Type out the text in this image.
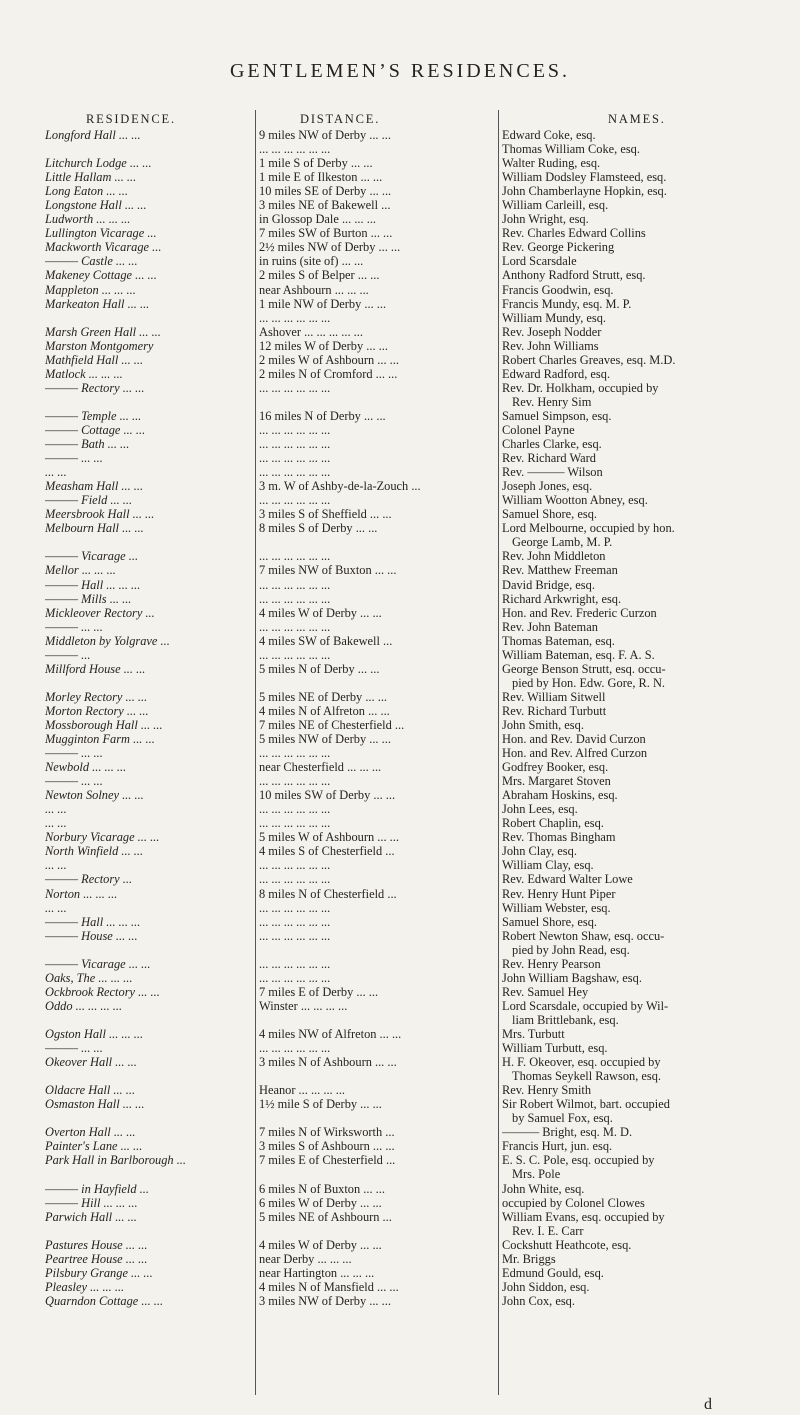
GENTLEMEN’S RESIDENCES.
RESIDENCE.	DISTANCE.	NAMES.
Longford Hall ... ...
Litchurch Lodge ... ...
Little Hallam ... ...
Long Eaton ... ...
Longstone Hall ... ...
Ludworth ... ... ...
Lullington Vicarage ...
Mackworth Vicarage ...
——— Castle ... ...
Makeney Cottage ... ...
Mappleton ... ... ...
Markeaton Hall ... ...
Marsh Green Hall ... ...
Marston Montgomery
Mathfield Hall ... ...
Matlock ... ... ...
——— Rectory ... ...
——— Temple ... ...
——— Cottage ... ...
——— Bath ... ...
——— ... ...
... ...
Measham Hall ... ...
——— Field ... ...
Meersbrook Hall ... ...
Melbourn Hall ... ...
——— Vicarage ...
Mellor ... ... ...
——— Hall ... ... ...
——— Mills ... ...
Mickleover Rectory ...
——— ... ...
Middleton by Yolgrave ...
——— ...
Millford House ... ...
Morley Rectory ... ...
Morton Rectory ... ...
Mossborough Hall ... ...
Mugginton Farm ... ...
——— ... ...
Newbold ... ... ...
——— ... ...
Newton Solney ... ...
... ...
... ...
Norbury Vicarage ... ...
North Winfield ... ...
... ...
——— Rectory ...
Norton ... ... ...
... ...
——— Hall ... ... ...
——— House ... ...
——— Vicarage ... ...
Oaks, The ... ... ...
Ockbrook Rectory ... ...
Oddo ... ... ... ...
Ogston Hall ... ... ...
——— ... ...
Okeover Hall ... ...
Oldacre Hall ... ...
Osmaston Hall ... ...
Overton Hall ... ...
Painter's Lane ... ...
Park Hall in Barlborough ...
——— in Hayfield ...
——— Hill ... ... ...
Parwich Hall ... ...
Pastures House ... ...
Peartree House ... ...
Pilsbury Grange ... ...
Pleasley ... ... ...
Quarndon Cottage ... ...
9 miles NW of Derby ... ...
... ... ... ... ... ...
1 mile S of Derby ... ...
1 mile E of Ilkeston ... ...
10 miles SE of Derby ... ...
3 miles NE of Bakewell ...
in Glossop Dale ... ... ...
7 miles SW of Burton ... ...
2½ miles NW of Derby ... ...
in ruins (site of) ... ...
2 miles S of Belper ... ...
near Ashbourn ... ... ...
1 mile NW of Derby ... ...
... ... ... ... ... ...
Ashover ... ... ... ... ...
12 miles W of Derby ... ...
2 miles W of Ashbourn ... ...
2 miles N of Cromford ... ...
... ... ... ... ... ...
16 miles N of Derby ... ...
... ... ... ... ... ...
... ... ... ... ... ...
... ... ... ... ... ...
... ... ... ... ... ...
3 m. W of Ashby-de-la-Zouch ...
... ... ... ... ... ...
3 miles S of Sheffield ... ...
8 miles S of Derby ... ...
... ... ... ... ... ...
7 miles NW of Buxton ... ...
... ... ... ... ... ...
... ... ... ... ... ...
4 miles W of Derby ... ...
... ... ... ... ... ...
4 miles SW of Bakewell ...
... ... ... ... ... ...
5 miles N of Derby ... ...
5 miles NE of Derby ... ...
4 miles N of Alfreton ... ...
7 miles NE of Chesterfield ...
5 miles NW of Derby ... ...
... ... ... ... ... ...
near Chesterfield ... ... ...
... ... ... ... ... ...
10 miles SW of Derby ... ...
... ... ... ... ... ...
... ... ... ... ... ...
5 miles W of Ashbourn ... ...
4 miles S of Chesterfield ...
... ... ... ... ... ...
... ... ... ... ... ...
8 miles N of Chesterfield ...
... ... ... ... ... ...
... ... ... ... ... ...
... ... ... ... ... ...
... ... ... ... ... ...
... ... ... ... ... ...
7 miles E of Derby ... ...
Winster ... ... ... ...
4 miles NW of Alfreton ... ...
... ... ... ... ... ...
3 miles N of Ashbourn ... ...
Heanor ... ... ... ...
1½ mile S of Derby ... ...
7 miles N of Wirksworth ...
3 miles S of Ashbourn ... ...
7 miles E of Chesterfield ...
6 miles N of Buxton ... ...
6 miles W of Derby ... ...
5 miles NE of Ashbourn ...
4 miles W of Derby ... ...
near Derby ... ... ...
near Hartington ... ... ...
4 miles N of Mansfield ... ...
3 miles NW of Derby ... ...
Edward Coke, esq.
Thomas William Coke, esq.
Walter Ruding, esq.
William Dodsley Flamsteed, esq.
John Chamberlayne Hopkin, esq.
William Carleill, esq.
John Wright, esq.
Rev. Charles Edward Collins
Rev. George Pickering
Lord Scarsdale
Anthony Radford Strutt, esq.
Francis Goodwin, esq.
Francis Mundy, esq. M. P.
William Mundy, esq.
Rev. Joseph Nodder
Rev. John Williams
Robert Charles Greaves, esq. M.D.
Edward Radford, esq.
Rev. Dr. Holkham, occupied by
Rev. Henry Sim
Samuel Simpson, esq.
Colonel Payne
Charles Clarke, esq.
Rev. Richard Ward
Rev. ——— Wilson
Joseph Jones, esq.
William Wootton Abney, esq.
Samuel Shore, esq.
Lord Melbourne, occupied by hon.
George Lamb, M. P.
Rev. John Middleton
Rev. Matthew Freeman
David Bridge, esq.
Richard Arkwright, esq.
Hon. and Rev. Frederic Curzon
Rev. John Bateman
Thomas Bateman, esq.
William Bateman, esq. F. A. S.
George Benson Strutt, esq. occu-
pied by Hon. Edw. Gore, R. N.
Rev. William Sitwell
Rev. Richard Turbutt
John Smith, esq.
Hon. and Rev. David Curzon
Hon. and Rev. Alfred Curzon
Godfrey Booker, esq.
Mrs. Margaret Stoven
Abraham Hoskins, esq.
John Lees, esq.
Robert Chaplin, esq.
Rev. Thomas Bingham
John Clay, esq.
William Clay, esq.
Rev. Edward Walter Lowe
Rev. Henry Hunt Piper
William Webster, esq.
Samuel Shore, esq.
Robert Newton Shaw, esq. occu-
pied by John Read, esq.
Rev. Henry Pearson
John William Bagshaw, esq.
Rev. Samuel Hey
Lord Scarsdale, occupied by Wil-
liam Brittlebank, esq.
Mrs. Turbutt
William Turbutt, esq.
H. F. Okeover, esq. occupied by
Thomas Seykell Rawson, esq.
Rev. Henry Smith
Sir Robert Wilmot, bart. occupied
by Samuel Fox, esq.
——— Bright, esq. M. D.
Francis Hurt, jun. esq.
E. S. C. Pole, esq. occupied by
Mrs. Pole
John White, esq.
occupied by Colonel Clowes
William Evans, esq. occupied by
Rev. I. E. Carr
Cockshutt Heathcote, esq.
Mr. Briggs
Edmund Gould, esq.
John Siddon, esq.
John Cox, esq.
d
